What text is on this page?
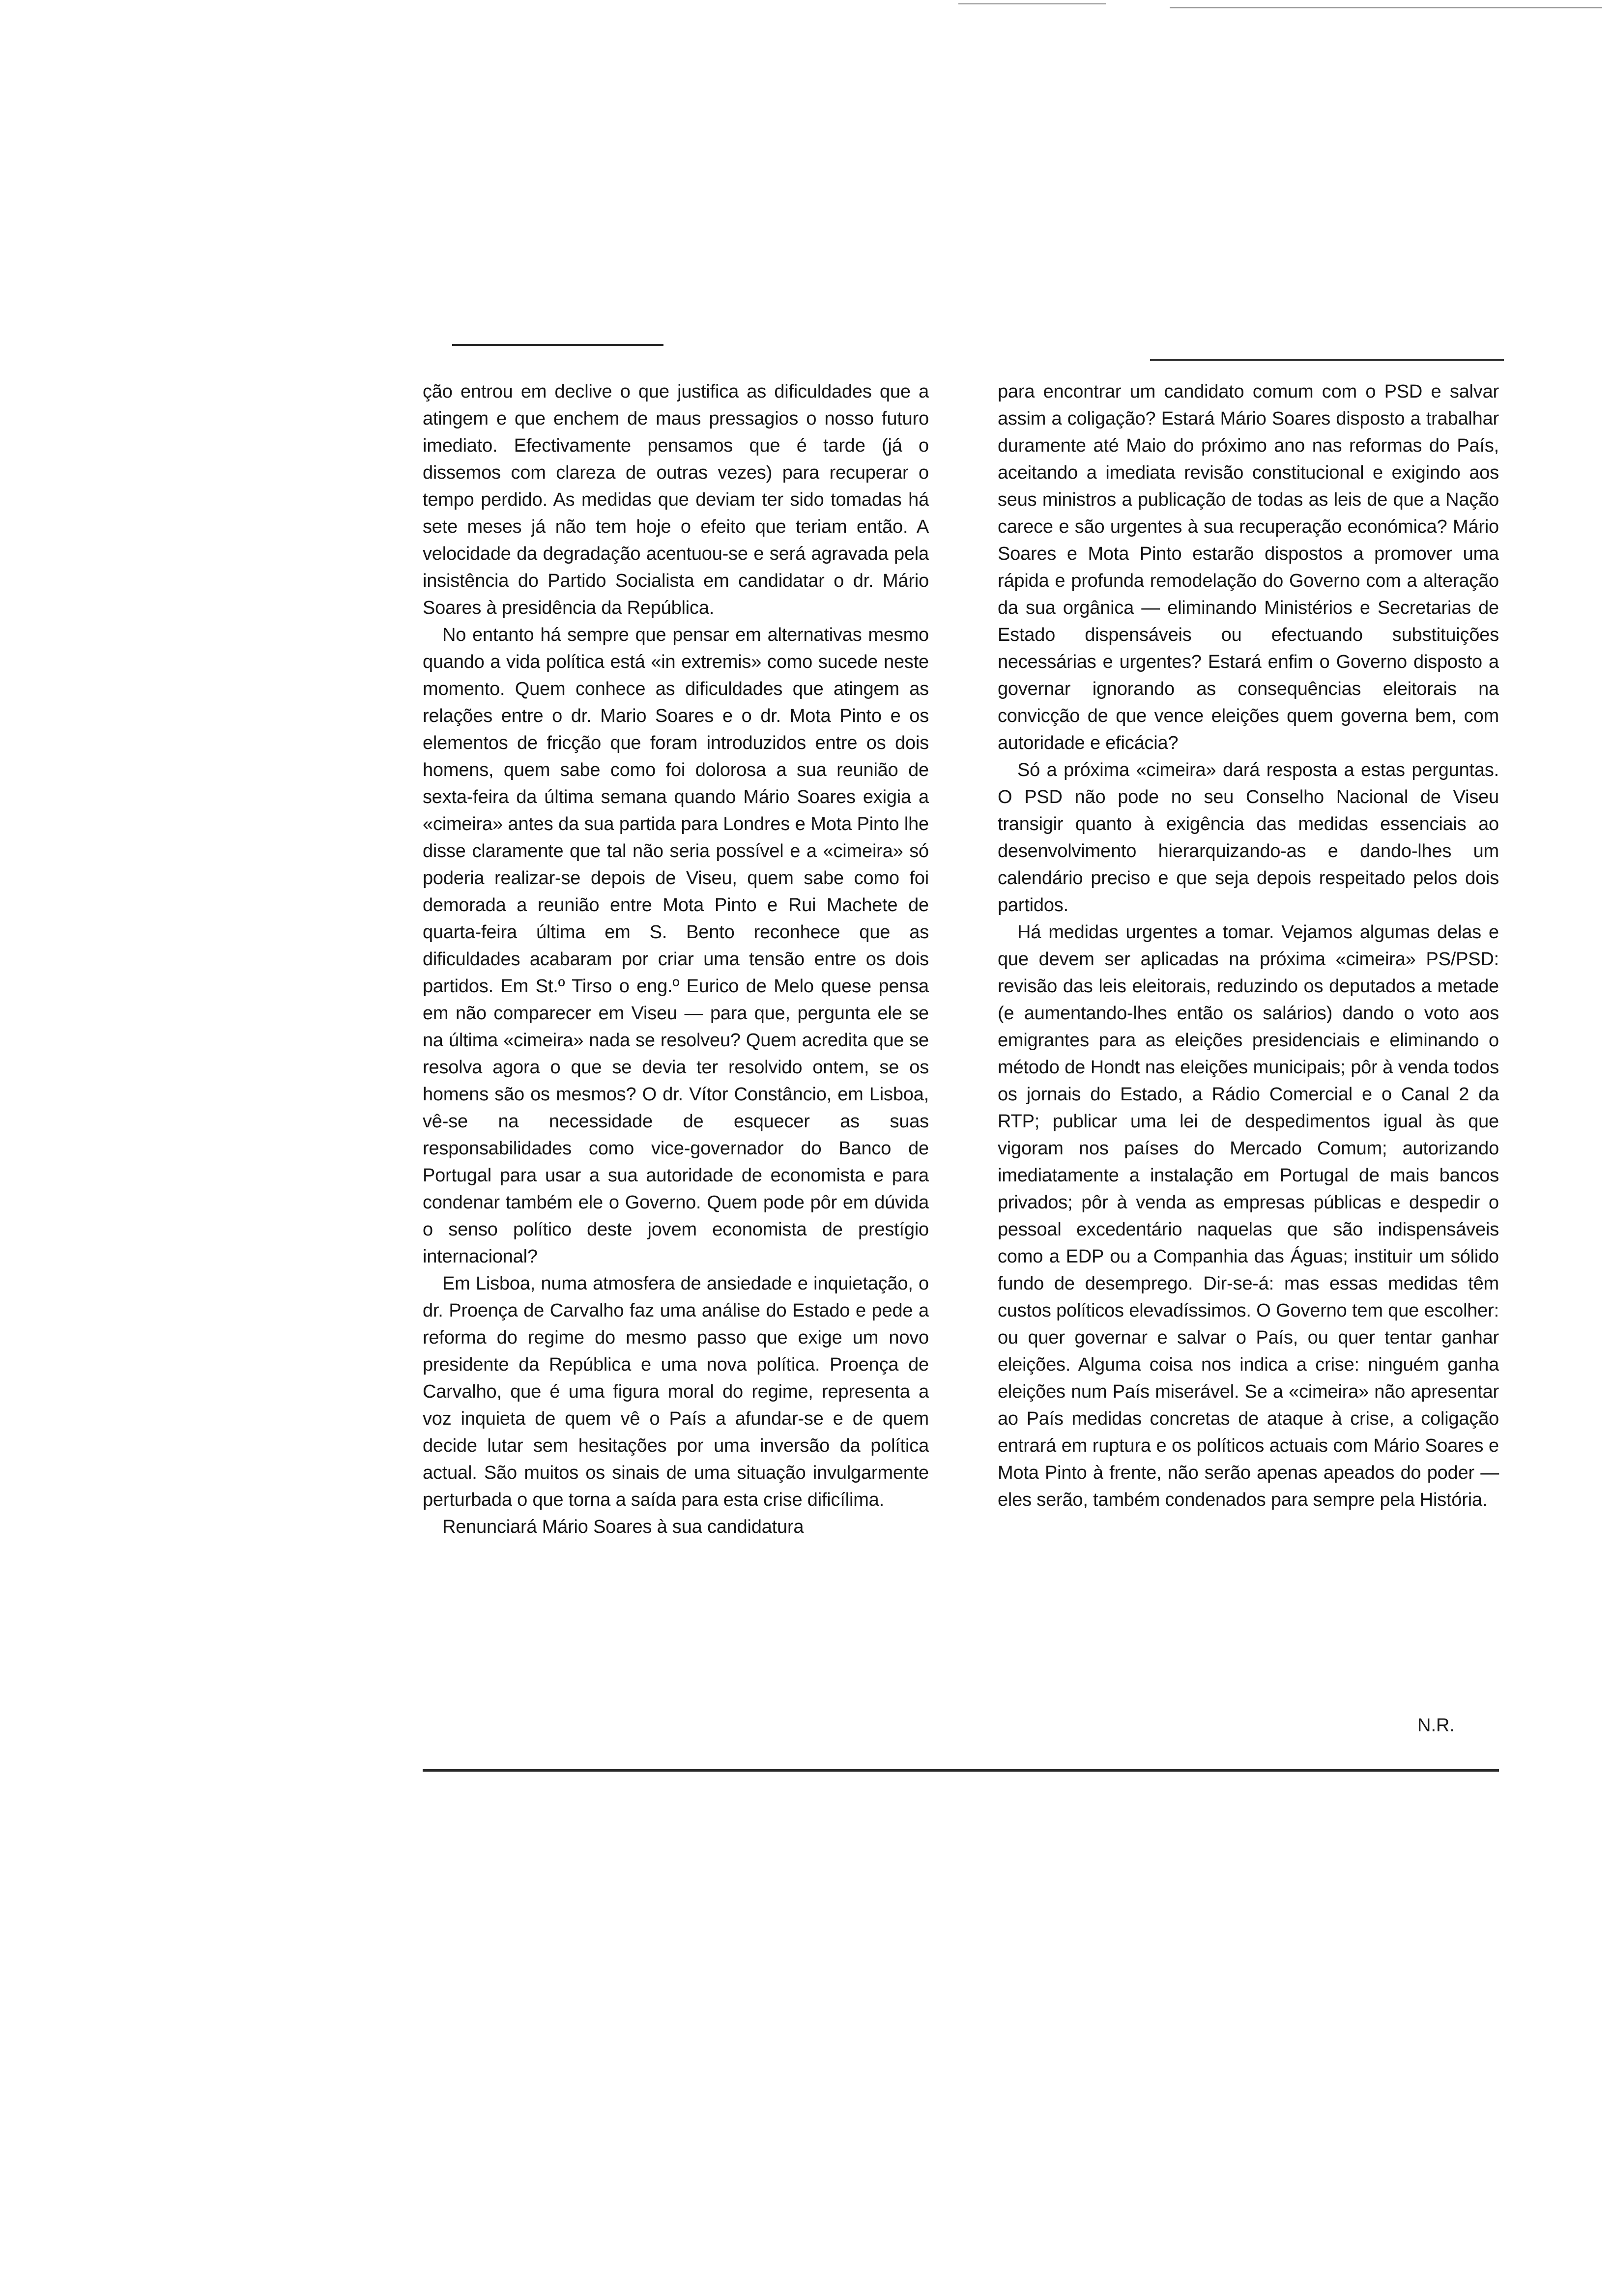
ção entrou em declive o que justifica as dificuldades que a atingem e que enchem de maus pressagios o nosso futuro imediato. Efectivamente pensamos que é tarde (já o dissemos com clareza de outras vezes) para recuperar o tempo perdido. As medidas que deviam ter sido tomadas há sete meses já não tem hoje o efeito que teriam então. A velocidade da degradação acentuou-se e será agravada pela insistência do Partido Socialista em candidatar o dr. Mário Soares à presidência da República.

No entanto há sempre que pensar em alternativas mesmo quando a vida política está «in extremis» como sucede neste momento. Quem conhece as dificuldades que atingem as relações entre o dr. Mario Soares e o dr. Mota Pinto e os elementos de fricção que foram introduzidos entre os dois homens, quem sabe como foi dolorosa a sua reunião de sexta-feira da última semana quando Mário Soares exigia a «cimeira» antes da sua partida para Londres e Mota Pinto lhe disse claramente que tal não seria possível e a «cimeira» só poderia realizar-se depois de Viseu, quem sabe como foi demorada a reunião entre Mota Pinto e Rui Machete de quarta-feira última em S. Bento reconhece que as dificuldades acabaram por criar uma tensão entre os dois partidos. Em St.º Tirso o eng.º Eurico de Melo quese pensa em não comparecer em Viseu — para que, pergunta ele se na última «cimeira» nada se resolveu? Quem acredita que se resolva agora o que se devia ter resolvido ontem, se os homens são os mesmos? O dr. Vítor Constâncio, em Lisboa, vê-se na necessidade de esquecer as suas responsabilidades como vice-governador do Banco de Portugal para usar a sua autoridade de economista e para condenar também ele o Governo. Quem pode pôr em dúvida o senso político deste jovem economista de prestígio internacional?

Em Lisboa, numa atmosfera de ansiedade e inquietação, o dr. Proença de Carvalho faz uma análise do Estado e pede a reforma do regime do mesmo passo que exige um novo presidente da República e uma nova política. Proença de Carvalho, que é uma figura moral do regime, representa a voz inquieta de quem vê o País a afundar-se e de quem decide lutar sem hesitações por uma inversão da política actual. São muitos os sinais de uma situação invulgarmente perturbada o que torna a saída para esta crise dificílima.

Renunciará Mário Soares à sua candidatura

para encontrar um candidato comum com o PSD e salvar assim a coligação? Estará Mário Soares disposto a trabalhar duramente até Maio do próximo ano nas reformas do País, aceitando a imediata revisão constitucional e exigindo aos seus ministros a publicação de todas as leis de que a Nação carece e são urgentes à sua recuperação económica? Mário Soares e Mota Pinto estarão dispostos a promover uma rápida e profunda remodelação do Governo com a alteração da sua orgânica — eliminando Ministérios e Secretarias de Estado dispensáveis ou efectuando substituições necessárias e urgentes? Estará enfim o Governo disposto a governar ignorando as consequências eleitorais na convicção de que vence eleições quem governa bem, com autoridade e eficácia?

Só a próxima «cimeira» dará resposta a estas perguntas. O PSD não pode no seu Conselho Nacional de Viseu transigir quanto à exigência das medidas essenciais ao desenvolvimento hierarquizando-as e dando-lhes um calendário preciso e que seja depois respeitado pelos dois partidos.

Há medidas urgentes a tomar. Vejamos algumas delas e que devem ser aplicadas na próxima «cimeira» PS/PSD: revisão das leis eleitorais, reduzindo os deputados a metade (e aumentando-lhes então os salários) dando o voto aos emigrantes para as eleições presidenciais e eliminando o método de Hondt nas eleições municipais; pôr à venda todos os jornais do Estado, a Rádio Comercial e o Canal 2 da RTP; publicar uma lei de despedimentos igual às que vigoram nos países do Mercado Comum; autorizando imediatamente a instalação em Portugal de mais bancos privados; pôr à venda as empresas públicas e despedir o pessoal excedentário naquelas que são indispensáveis como a EDP ou a Companhia das Águas; instituir um sólido fundo de desemprego. Dir-se-á: mas essas medidas têm custos políticos elevadíssimos. O Governo tem que escolher: ou quer governar e salvar o País, ou quer tentar ganhar eleições. Alguma coisa nos indica a crise: ninguém ganha eleições num País miserável. Se a «cimeira» não apresentar ao País medidas concretas de ataque à crise, a coligação entrará em ruptura e os políticos actuais com Mário Soares e Mota Pinto à frente, não serão apenas apeados do poder — eles serão, também condenados para sempre pela História.

N.R.
